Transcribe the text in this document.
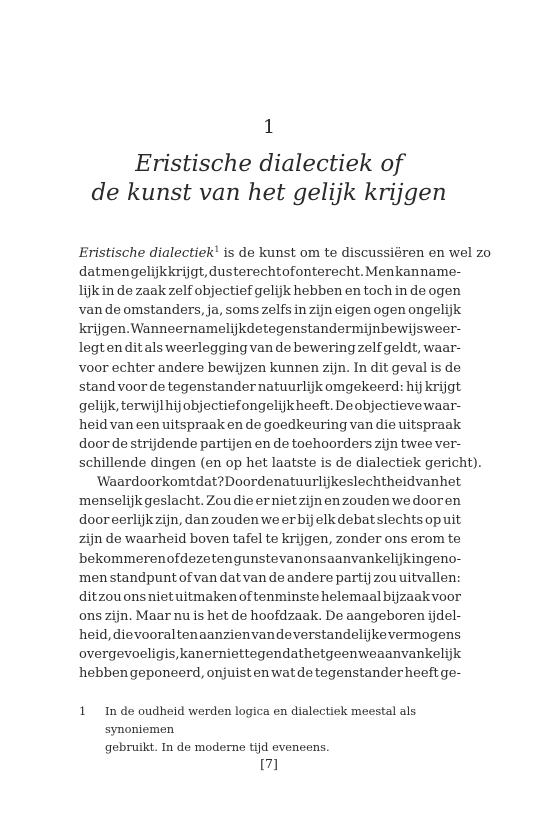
1
Eristische dialectiek of
de kunst van het gelijk krijgen
Eristische dialectiek$^1$ is de kunst om te discussiëren en wel zo
dat men gelijk krijgt, dus terecht of onterecht. Men kan name-
lijk in de zaak zelf objectief gelijk hebben en toch in de ogen
van de omstanders, ja, soms zelfs in zijn eigen ogen ongelijk
krijgen. Wanneer namelijk de tegenstander mijn bewijs weer-
legt en dit als weerlegging van de bewering zelf geldt, waar-
voor echter andere bewijzen kunnen zijn. In dit geval is de
stand voor de tegenstander natuurlijk omgekeerd: hij krijgt
gelijk, terwijl hij objectief ongelijk heeft. De objectieve waar-
heid van een uitspraak en de goedkeuring van die uitspraak
door de strijdende partijen en de toehoorders zijn twee ver-
schillende dingen (en op het laatste is de dialectiek gericht).
Waardoor komt dat? Door de natuurlijke slechtheid van het
menselijk geslacht. Zou die er niet zijn en zouden we door en
door eerlijk zijn, dan zouden we er bij elk debat slechts op uit
zijn de waarheid boven tafel te krijgen, zonder ons erom te
bekommeren of deze ten gunste van ons aanvankelijk ingeno-
men standpunt of van dat van de andere partij zou uitvallen:
dit zou ons niet uitmaken of tenminste helemaal bijzaak voor
ons zijn. Maar nu is het de hoofdzaak. De aangeboren ijdel-
heid, die vooral ten aanzien van de verstandelijke vermogens
overgevoelig is, kan er niet tegen dat hetgeen we aanvankelijk
hebben geponeerd, onjuist en wat de tegenstander heeft ge-
1	In de oudheid werden logica en dialectiek meestal als synoniemen
gebruikt. In de moderne tijd eveneens.
[7]
